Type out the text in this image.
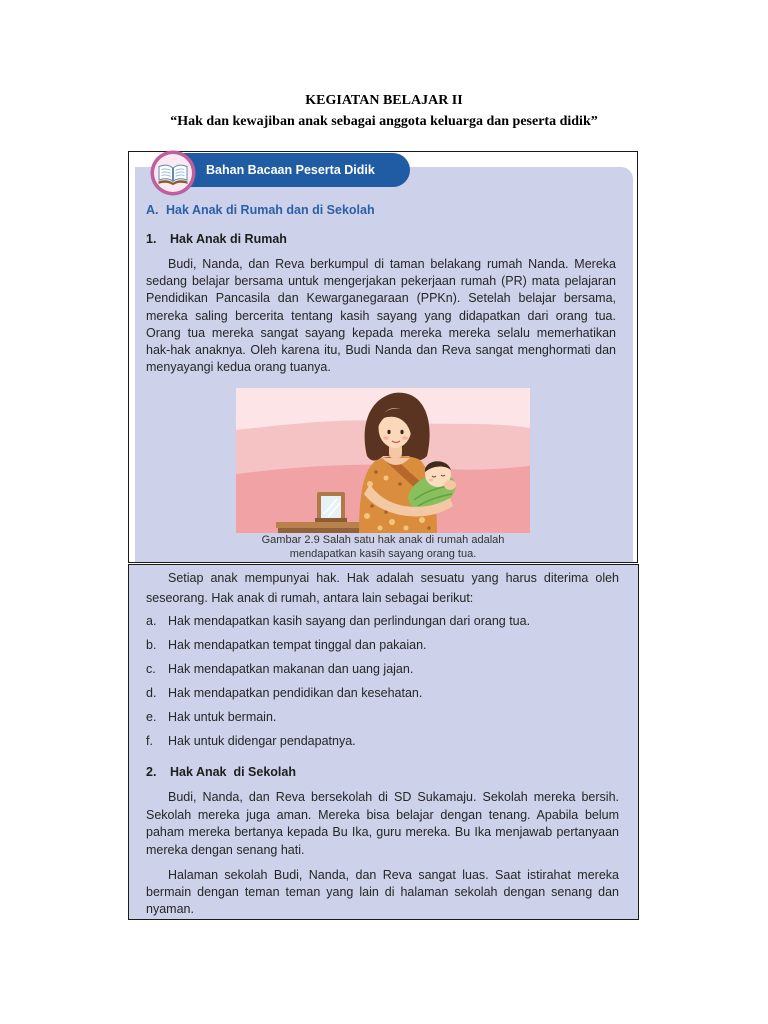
KEGIATAN BELAJAR II
“Hak dan kewajiban anak sebagai anggota keluarga dan peserta didik”
Bahan Bacaan Peserta Didik
A. Hak Anak di Rumah dan di Sekolah
1. Hak Anak di Rumah
Budi, Nanda, dan Reva berkumpul di taman belakang rumah Nanda. Mereka
sedang belajar bersama untuk mengerjakan pekerjaan rumah (PR) mata pelajaran
Pendidikan Pancasila dan Kewarganegaraan (PPKn). Setelah belajar bersama,
mereka saling bercerita tentang kasih sayang yang didapatkan dari orang tua.
Orang tua mereka sangat sayang kepada mereka mereka selalu memerhatikan
hak-hak anaknya. Oleh karena itu, Budi Nanda dan Reva sangat menghormati dan
menyayangi kedua orang tuanya.
Gambar 2.9 Salah satu hak anak di rumah adalah
mendapatkan kasih sayang orang tua.
Setiap anak mempunyai hak. Hak adalah sesuatu yang harus diterima oleh
seseorang. Hak anak di rumah, antara lain sebagai berikut:
a. Hak mendapatkan kasih sayang dan perlindungan dari orang tua.
b. Hak mendapatkan tempat tinggal dan pakaian.
c. Hak mendapatkan makanan dan uang jajan.
d. Hak mendapatkan pendidikan dan kesehatan.
e. Hak untuk bermain.
f. Hak untuk didengar pendapatnya.
2. Hak Anak  di Sekolah
Budi, Nanda, dan Reva bersekolah di SD Sukamaju. Sekolah mereka bersih.
Sekolah mereka juga aman. Mereka bisa belajar dengan tenang. Apabila belum
paham mereka bertanya kepada Bu Ika, guru mereka. Bu Ika menjawab pertanyaan
mereka dengan senang hati.
Halaman sekolah Budi, Nanda, dan Reva sangat luas. Saat istirahat mereka
bermain dengan teman teman yang lain di halaman sekolah dengan senang dan
nyaman.
